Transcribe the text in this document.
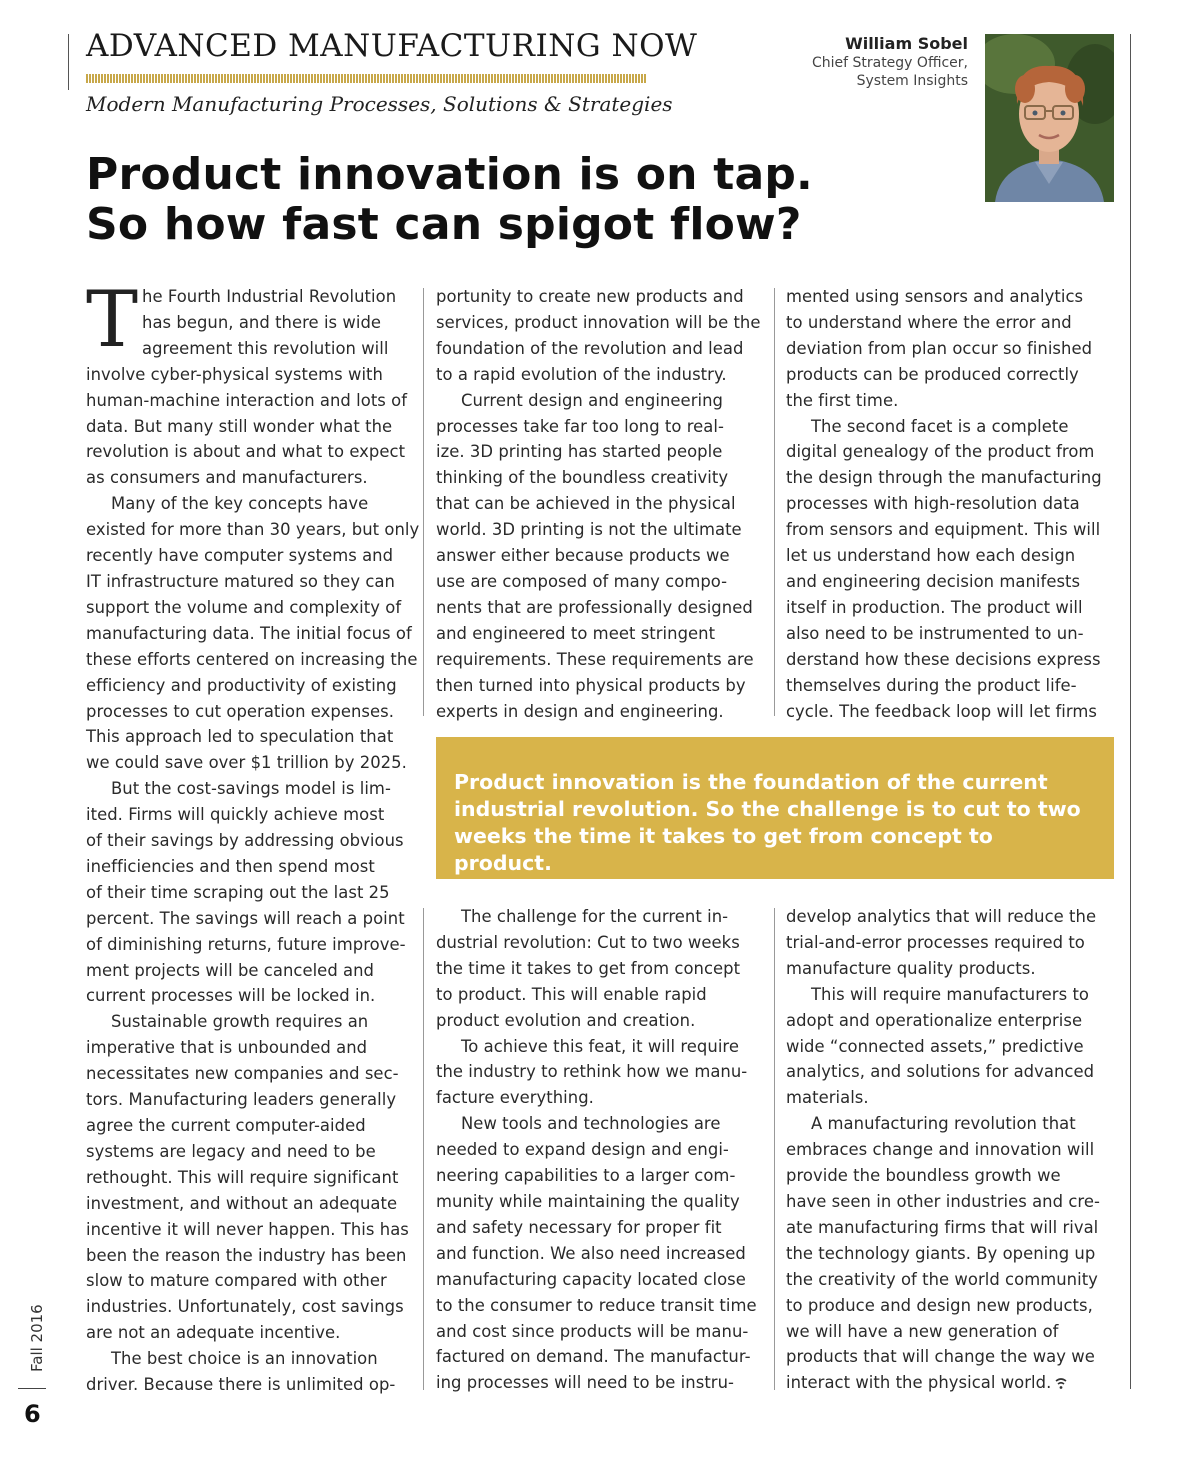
ADVANCED MANUFACTURING NOW
Modern Manufacturing Processes, Solutions & Strategies
William Sobel
Chief Strategy Officer,
System Insights
Product innovation is on tap.
So how fast can spigot flow?
T he Fourth Industrial Revolution
has begun, and there is wide
agreement this revolution will
involve cyber-physical systems with
human-machine interaction and lots of
data. But many still wonder what the
revolution is about and what to expect
as consumers and manufacturers.
Many of the key concepts have
existed for more than 30 years, but only
recently have computer systems and
IT infrastructure matured so they can
support the volume and complexity of
manufacturing data. The initial focus of
these efforts centered on increasing the
efficiency and productivity of existing
processes to cut operation expenses.
This approach led to speculation that
we could save over $1 trillion by 2025.
But the cost-savings model is lim-
ited. Firms will quickly achieve most
of their savings by addressing obvious
inefficiencies and then spend most
of their time scraping out the last 25
percent. The savings will reach a point
of diminishing returns, future improve-
ment projects will be canceled and
current processes will be locked in.
Sustainable growth requires an
imperative that is unbounded and
necessitates new companies and sec-
tors. Manufacturing leaders generally
agree the current computer-aided
systems are legacy and need to be
rethought. This will require significant
investment, and without an adequate
incentive it will never happen. This has
been the reason the industry has been
slow to mature compared with other
industries. Unfortunately, cost savings
are not an adequate incentive.
The best choice is an innovation
driver. Because there is unlimited op-
portunity to create new products and
services, product innovation will be the
foundation of the revolution and lead
to a rapid evolution of the industry.
Current design and engineering
processes take far too long to real-
ize. 3D printing has started people
thinking of the boundless creativity
that can be achieved in the physical
world. 3D printing is not the ultimate
answer either because products we
use are composed of many compo-
nents that are professionally designed
and engineered to meet stringent
requirements. These requirements are
then turned into physical products by
experts in design and engineering.
mented using sensors and analytics
to understand where the error and
deviation from plan occur so finished
products can be produced correctly
the first time.
The second facet is a complete
digital genealogy of the product from
the design through the manufacturing
processes with high-resolution data
from sensors and equipment. This will
let us understand how each design
and engineering decision manifests
itself in production. The product will
also need to be instrumented to un-
derstand how these decisions express
themselves during the product life-
cycle. The feedback loop will let firms
Product innovation is the foundation of the current
industrial revolution. So the challenge is to cut to two
weeks the time it takes to get from concept to product.
The challenge for the current in-
dustrial revolution: Cut to two weeks
the time it takes to get from concept
to product. This will enable rapid
product evolution and creation.
To achieve this feat, it will require
the industry to rethink how we manu-
facture everything.
New tools and technologies are
needed to expand design and engi-
neering capabilities to a larger com-
munity while maintaining the quality
and safety necessary for proper fit
and function. We also need increased
manufacturing capacity located close
to the consumer to reduce transit time
and cost since products will be manu-
factured on demand. The manufactur-
ing processes will need to be instru-
develop analytics that will reduce the
trial-and-error processes required to
manufacture quality products.
This will require manufacturers to
adopt and operationalize enterprise
wide “connected assets,” predictive
analytics, and solutions for advanced
materials.
A manufacturing revolution that
embraces change and innovation will
provide the boundless growth we
have seen in other industries and cre-
ate manufacturing firms that will rival
the technology giants. By opening up
the creativity of the world community
to produce and design new products,
we will have a new generation of
products that will change the way we
interact with the physical world.
Fall 2016
6
